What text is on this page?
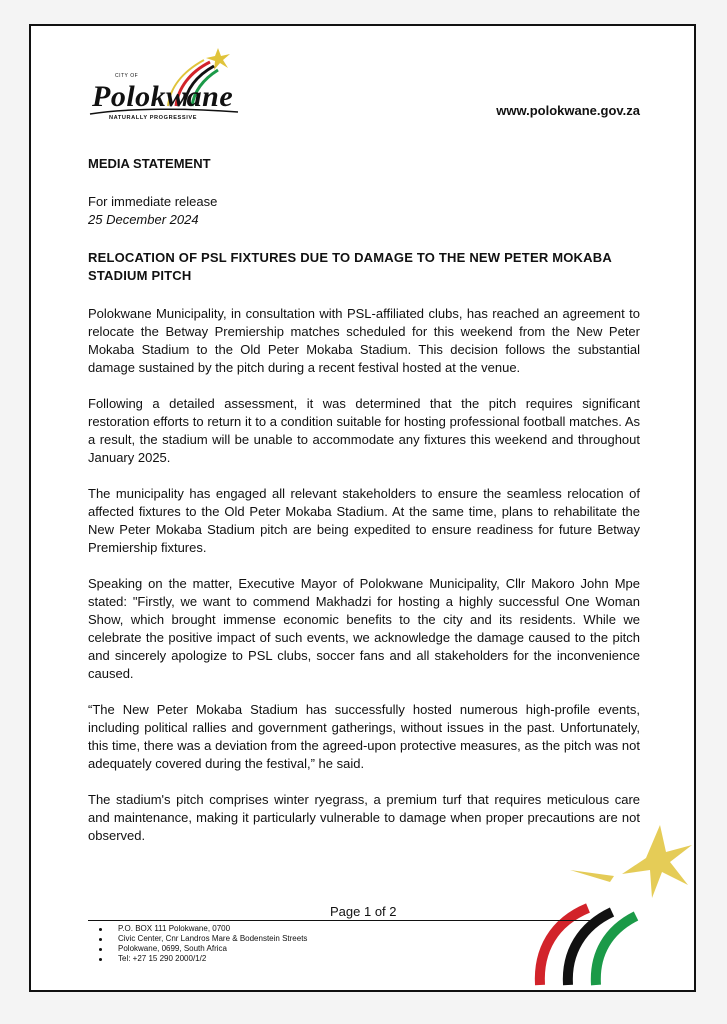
CITY OF
Polokwane
NATURALLY PROGRESSIVE	www.polokwane.gov.za
MEDIA STATEMENT
For immediate release
25 December 2024
RELOCATION OF PSL FIXTURES DUE TO DAMAGE TO THE NEW PETER MOKABA STADIUM PITCH

Polokwane Municipality, in consultation with PSL-affiliated clubs, has reached an agreement to relocate the Betway Premiership matches scheduled for this weekend from the New Peter Mokaba Stadium to the Old Peter Mokaba Stadium. This decision follows the substantial damage sustained by the pitch during a recent festival hosted at the venue.

Following a detailed assessment, it was determined that the pitch requires significant restoration efforts to return it to a condition suitable for hosting professional football matches. As a result, the stadium will be unable to accommodate any fixtures this weekend and throughout January 2025.

The municipality has engaged all relevant stakeholders to ensure the seamless relocation of affected fixtures to the Old Peter Mokaba Stadium. At the same time, plans to rehabilitate the New Peter Mokaba Stadium pitch are being expedited to ensure readiness for future Betway Premiership fixtures.

Speaking on the matter, Executive Mayor of Polokwane Municipality, Cllr Makoro John Mpe stated: "Firstly, we want to commend Makhadzi for hosting a highly successful One Woman Show, which brought immense economic benefits to the city and its residents. While we celebrate the positive impact of such events, we acknowledge the damage caused to the pitch and sincerely apologize to PSL clubs, soccer fans and all stakeholders for the inconvenience caused.

“The New Peter Mokaba Stadium has successfully hosted numerous high-profile events, including political rallies and government gatherings, without issues in the past. Unfortunately, this time, there was a deviation from the agreed-upon protective measures, as the pitch was not adequately covered during the festival,” he said.

The stadium's pitch comprises winter ryegrass, a premium turf that requires meticulous care and maintenance, making it particularly vulnerable to damage when proper precautions are not observed.

Page 1 of 2
P.O. BOX 111 Polokwane, 0700
Civic Center, Cnr Landros Mare & Bodenstein Streets
Polokwane, 0699, South Africa
Tel: +27 15 290 2000/1/2
